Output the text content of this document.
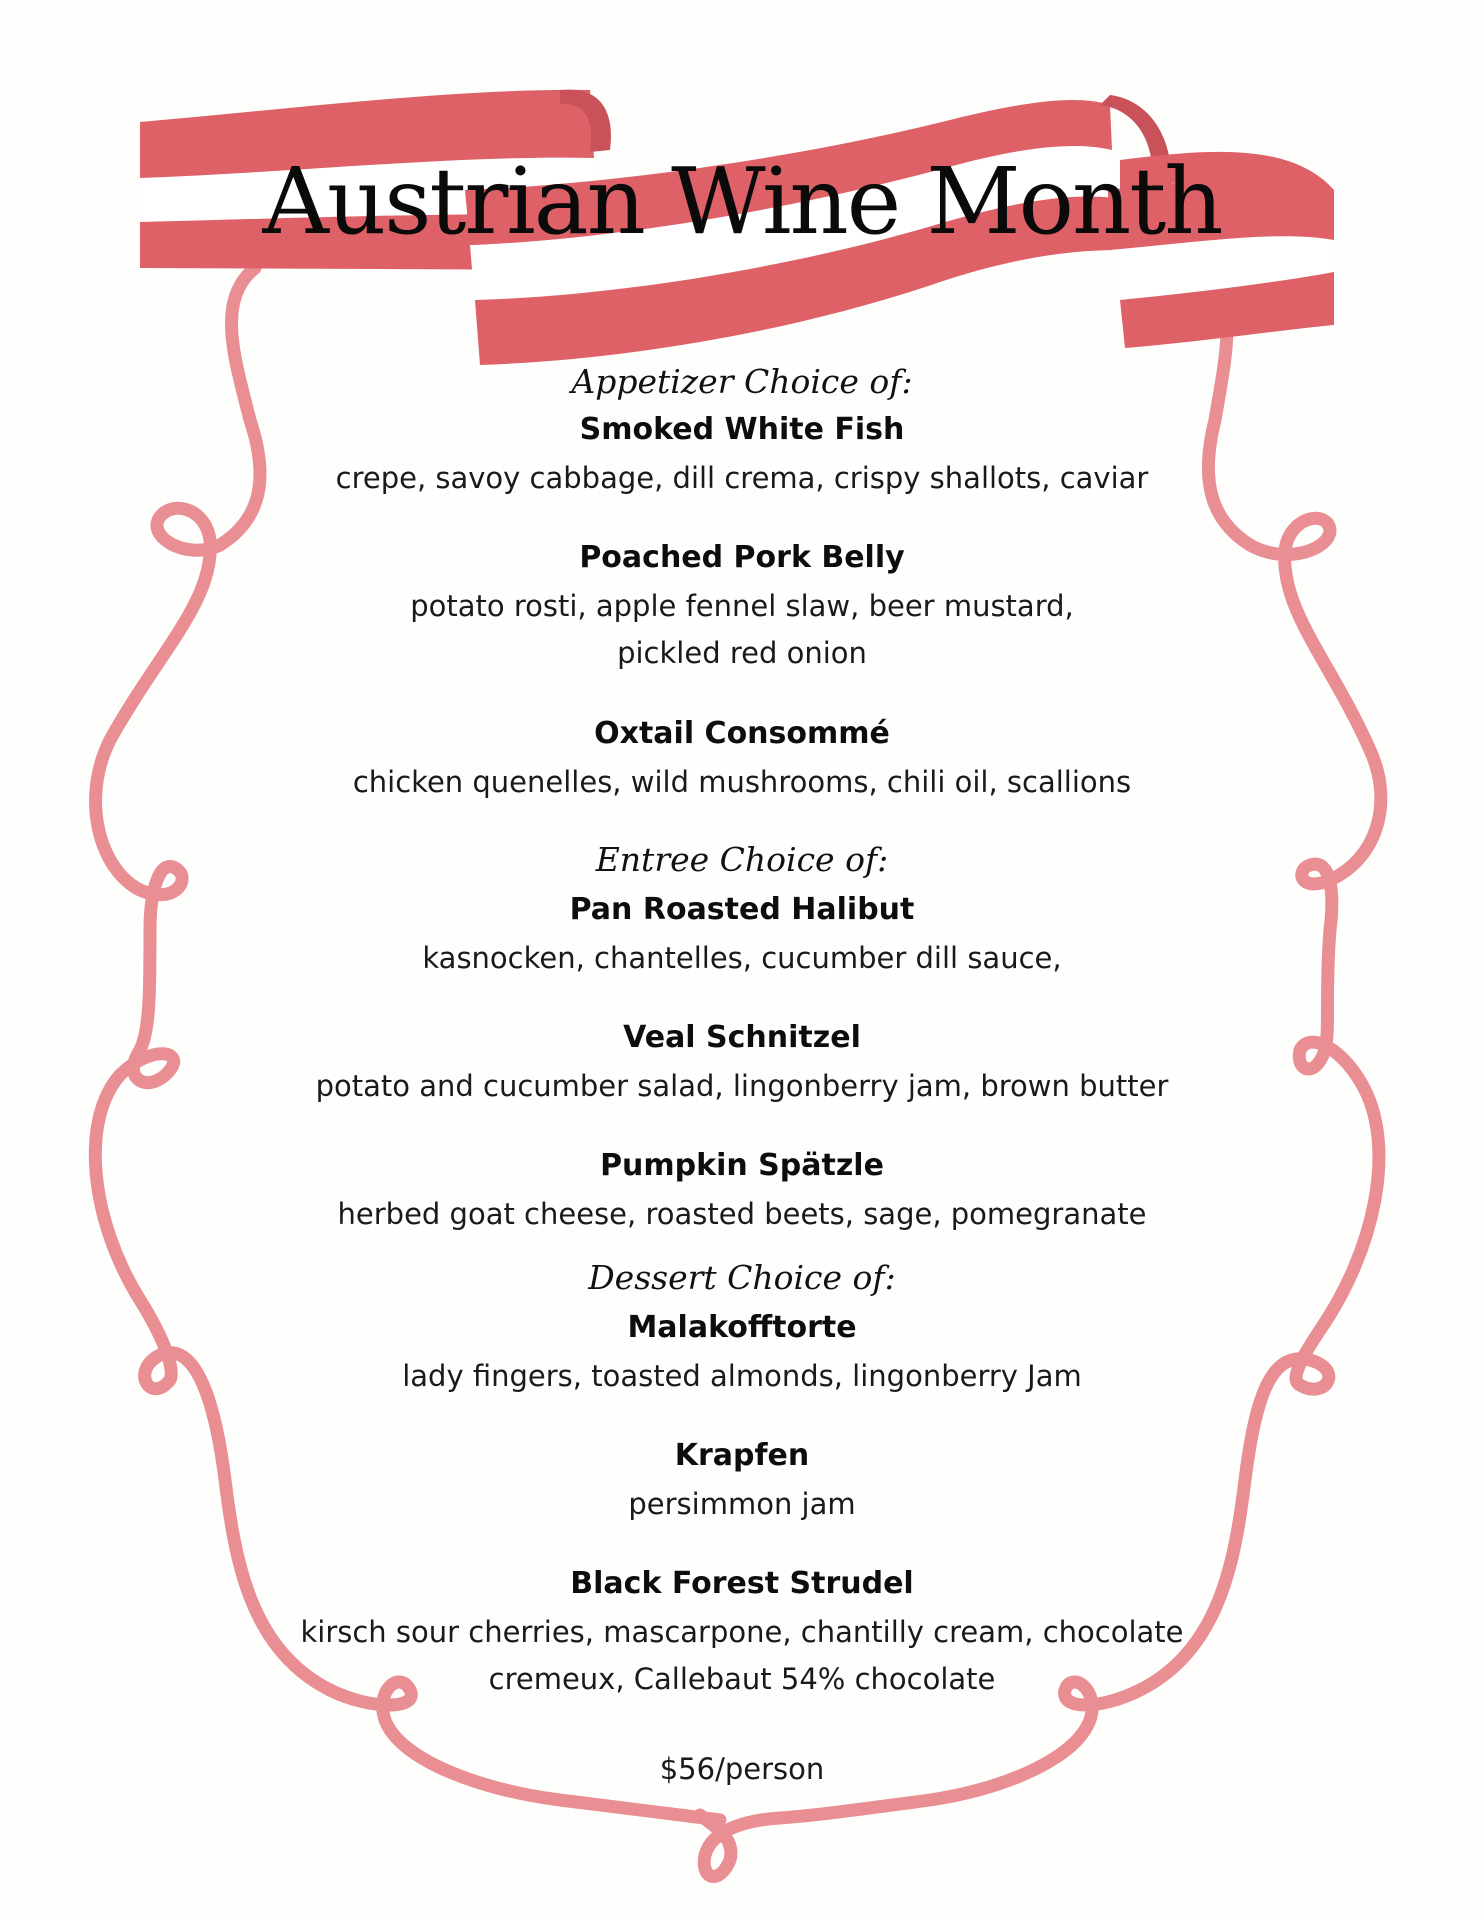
Austrian Wine Month
Appetizer Choice of:
Smoked White Fish
crepe, savoy cabbage, dill crema, crispy shallots, caviar
Poached Pork Belly
potato rosti, apple fennel slaw, beer mustard,
pickled red onion
Oxtail Consommé
chicken quenelles, wild mushrooms, chili oil, scallions
Entree Choice of:
Pan Roasted Halibut
kasnocken, chantelles, cucumber dill sauce,
Veal Schnitzel
potato and cucumber salad, lingonberry jam, brown butter
Pumpkin Spätzle
herbed goat cheese, roasted beets, sage, pomegranate
Dessert Choice of:
Malakofftorte
lady fingers, toasted almonds, lingonberry Jam
Krapfen
persimmon jam
Black Forest Strudel
kirsch sour cherries, mascarpone, chantilly cream, chocolate
cremeux, Callebaut 54% chocolate
$56/person
